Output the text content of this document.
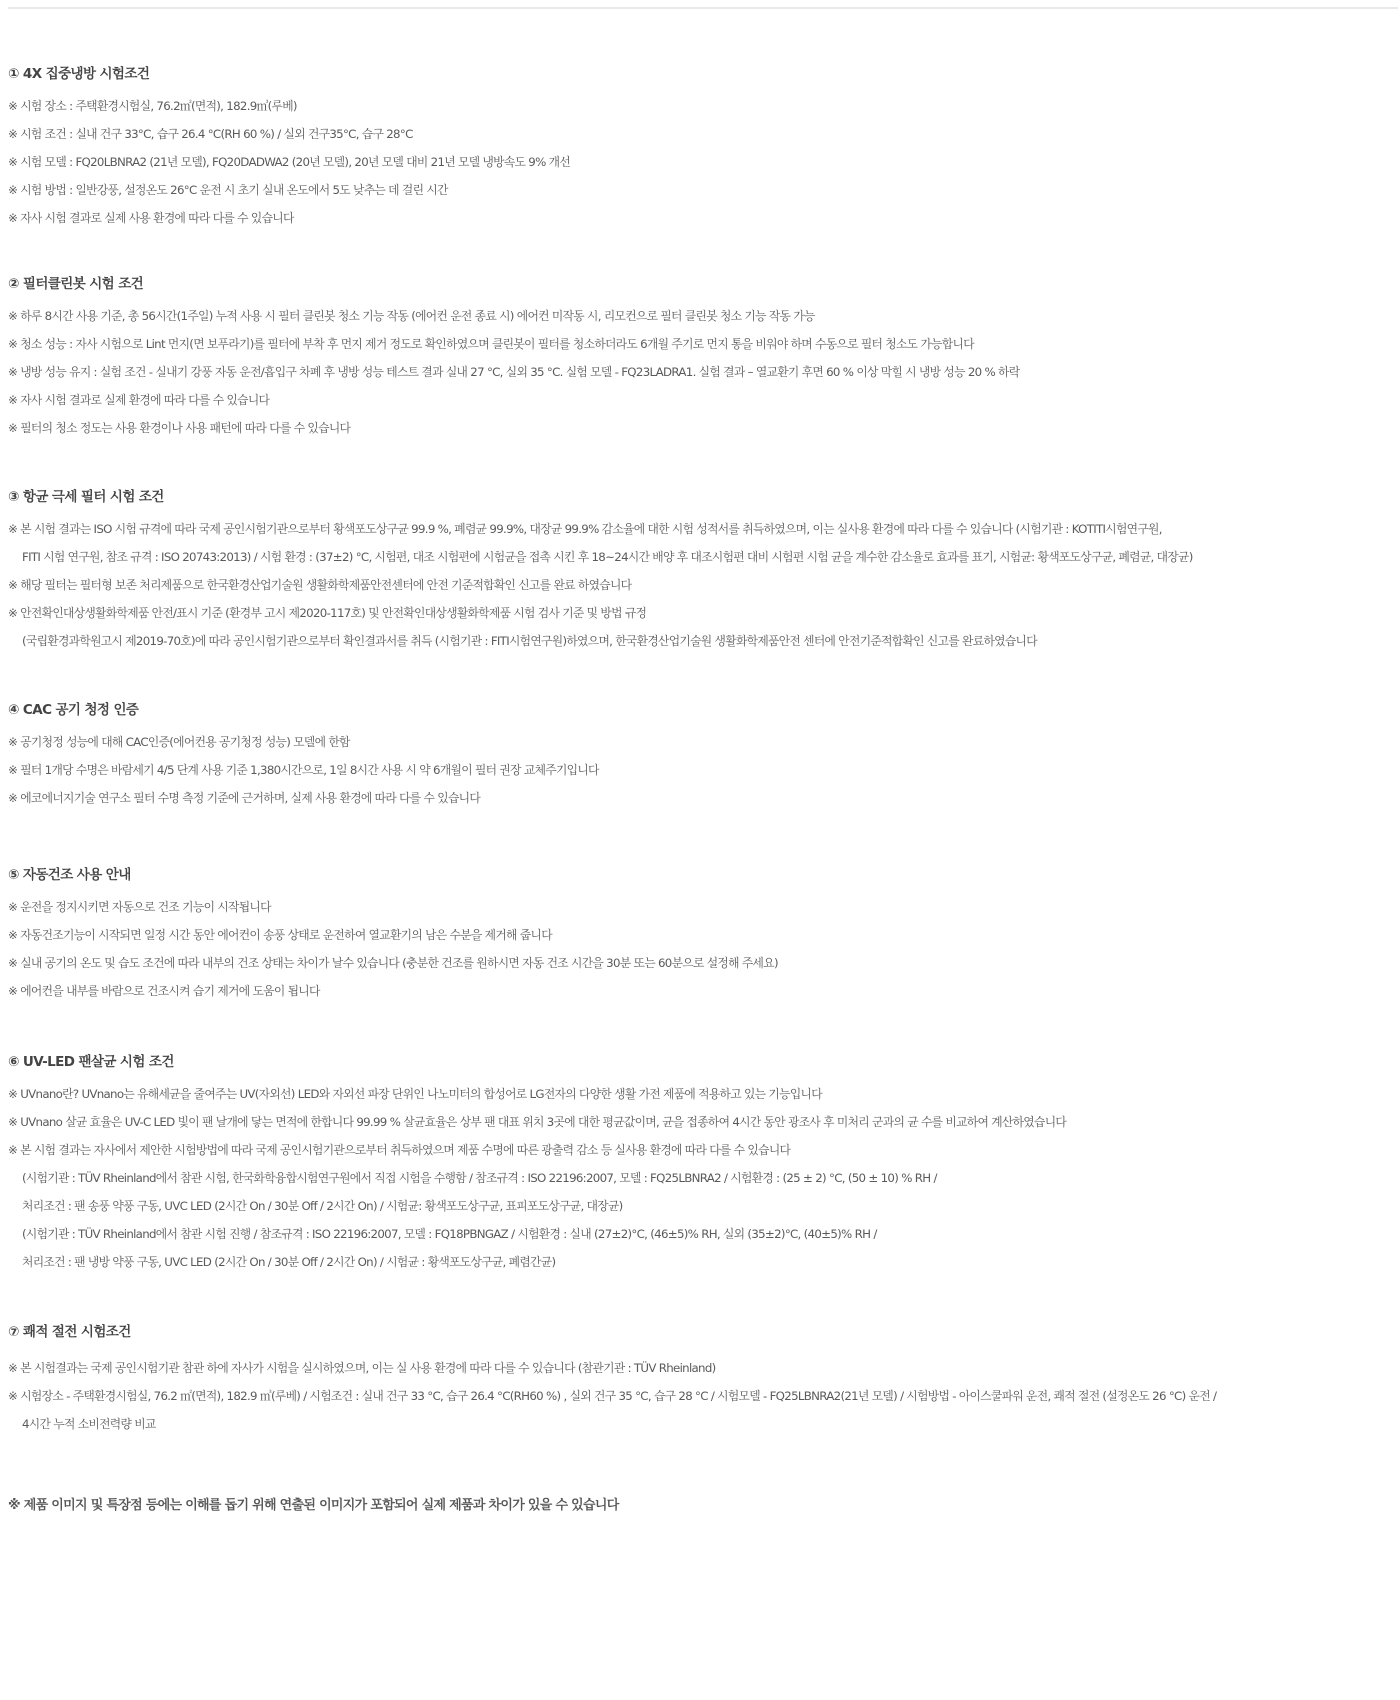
① 4X 집중냉방 시험조건
※ 시험 장소 : 주택환경시험실, 76.2㎡(면적), 182.9㎥(루베)
※ 시험 조건 : 실내 건구 33°C, 습구 26.4 °C(RH 60 %) / 실외 건구35°C, 습구 28°C
※ 시험 모델 : FQ20LBNRA2 (21년 모델), FQ20DADWA2 (20년 모델), 20년 모델 대비 21년 모델 냉방속도 9% 개선
※ 시험 방법 : 일반강풍, 설정온도 26°C 운전 시 초기 실내 온도에서 5도 낮추는 데 걸린 시간
※ 자사 시험 결과로 실제 사용 환경에 따라 다를 수 있습니다
② 필터클린봇 시험 조건
※ 하루 8시간 사용 기준, 총 56시간(1주일) 누적 사용 시 필터 클린봇 청소 기능 작동 (에어컨 운전 종료 시) 에어컨 미작동 시, 리모컨으로 필터 클린봇 청소 기능 작동 가능
※ 청소 성능 : 자사 시험으로 Lint 먼지(면 보푸라기)를 필터에 부착 후 먼지 제거 정도로 확인하였으며 클린봇이 필터를 청소하더라도 6개월 주기로 먼지 통을 비워야 하며 수동으로 필터 청소도 가능합니다
※ 냉방 성능 유지 : 실험 조건 - 실내기 강풍 자동 운전/흡입구 차폐 후 냉방 성능 테스트 결과 실내 27 °C, 실외 35 °C. 실험 모델 - FQ23LADRA1. 실험 결과 – 열교환기 후면 60 % 이상 막힐 시 냉방 성능 20 % 하락
※ 자사 시험 결과로 실제 환경에 따라 다를 수 있습니다
※ 필터의 청소 정도는 사용 환경이나 사용 패턴에 따라 다를 수 있습니다
③ 항균 극세 필터 시험 조건
※ 본 시험 결과는 ISO 시험 규격에 따라 국제 공인시험기관으로부터 황색포도상구균 99.9 %, 폐렴균 99.9%, 대장균 99.9% 감소율에 대한 시험 성적서를 취득하였으며, 이는 실사용 환경에 따라 다를 수 있습니다 (시험기관 : KOTITI시험연구원,
FITI 시험 연구원, 참조 규격 : ISO 20743:2013) / 시험 환경 : (37±2) °C, 시험편, 대조 시험편에 시험균을 접촉 시킨 후 18~24시간 배양 후 대조시험편 대비 시험편 시험 균을 계수한 감소율로 효과를 표기, 시험균: 황색포도상구균, 폐렴균, 대장균)
※ 해당 필터는 필터형 보존 처리제품으로 한국환경산업기술원 생활화학제품안전센터에 안전 기준적합확인 신고를 완료 하였습니다
※ 안전확인대상생활화학제품 안전/표시 기준 (환경부 고시 제2020-117호) 및 안전확인대상생활화학제품 시험 검사 기준 및 방법 규정
(국립환경과학원고시 제2019-70호)에 따라 공인시험기관으로부터 확인결과서를 취득 (시험기관 : FITI시험연구원)하였으며, 한국환경산업기술원 생활화학제품안전 센터에 안전기준적합확인 신고를 완료하였습니다
④ CAC 공기 청정 인증
※ 공기청정 성능에 대해 CAC인증(에어컨용 공기청정 성능) 모델에 한함
※ 필터 1개당 수명은 바람세기 4/5 단계 사용 기준 1,380시간으로, 1일 8시간 사용 시 약 6개월이 필터 권장 교체주기입니다
※ 에코에너지기술 연구소 필터 수명 측정 기준에 근거하며, 실제 사용 환경에 따라 다를 수 있습니다
⑤ 자동건조 사용 안내
※ 운전을 정지시키면 자동으로 건조 기능이 시작됩니다
※ 자동건조기능이 시작되면 일정 시간 동안 에어컨이 송풍 상태로 운전하여 열교환기의 남은 수분을 제거해 줍니다
※ 실내 공기의 온도 및 습도 조건에 따라 내부의 건조 상태는 차이가 날수 있습니다 (충분한 건조를 원하시면 자동 건조 시간을 30분 또는 60분으로 설정해 주세요)
※ 에어컨을 내부를 바람으로 건조시켜 습기 제거에 도움이 됩니다
⑥ UV-LED 팬살균 시험 조건
※ UVnano란? UVnano는 유해세균을 줄여주는 UV(자외선) LED와 자외선 파장 단위인 나노미터의 합성어로 LG전자의 다양한 생활 가전 제품에 적용하고 있는 기능입니다
※ UVnano 살균 효율은 UV-C LED 빛이 팬 날개에 닿는 면적에 한합니다 99.99 % 살균효율은 상부 팬 대표 위치 3곳에 대한 평균값이며, 균을 접종하여 4시간 동안 광조사 후 미처리 군과의 균 수를 비교하여 계산하였습니다
※ 본 시험 결과는 자사에서 제안한 시험방법에 따라 국제 공인시험기관으로부터 취득하였으며 제품 수명에 따른 광출력 감소 등 실사용 환경에 따라 다를 수 있습니다
(시험기관 : TÜV Rheinland에서 참관 시험, 한국화학융합시험연구원에서 직접 시험을 수행함 / 참조규격 : ISO 22196:2007, 모델 : FQ25LBNRA2 / 시험환경 : (25 ± 2) °C, (50 ± 10) % RH /
처리조건 : 팬 송풍 약풍 구동, UVC LED (2시간 On / 30분 Off / 2시간 On) / 시험균: 황색포도상구균, 표피포도상구균, 대장균)
(시험기관 : TÜV Rheinland에서 참관 시험 진행 / 참조규격 : ISO 22196:2007, 모델 : FQ18PBNGAZ / 시험환경 : 실내 (27±2)°C, (46±5)% RH, 실외 (35±2)°C, (40±5)% RH /
처리조건 : 팬 냉방 약풍 구동, UVC LED (2시간 On / 30분 Off / 2시간 On) / 시험균 : 황색포도상구균, 폐렴간균)
⑦ 쾌적 절전 시험조건
※ 본 시험결과는 국제 공인시험기관 참관 하에 자사가 시험을 실시하였으며, 이는 실 사용 환경에 따라 다를 수 있습니다 (참관기관 : TÜV Rheinland)
※ 시험장소 - 주택환경시험실, 76.2 ㎡(면적), 182.9 ㎥(루베) / 시험조건 : 실내 건구 33 °C, 습구 26.4 °C(RH60 %) , 실외 건구 35 °C, 습구 28 °C / 시험모델 - FQ25LBNRA2(21년 모델) / 시험방법 - 아이스쿨파워 운전, 쾌적 절전 (설정온도 26 °C) 운전 /
4시간 누적 소비전력량 비교
※ 제품 이미지 및 특장점 등에는 이해를 돕기 위해 연출된 이미지가 포함되어 실제 제품과 차이가 있을 수 있습니다
